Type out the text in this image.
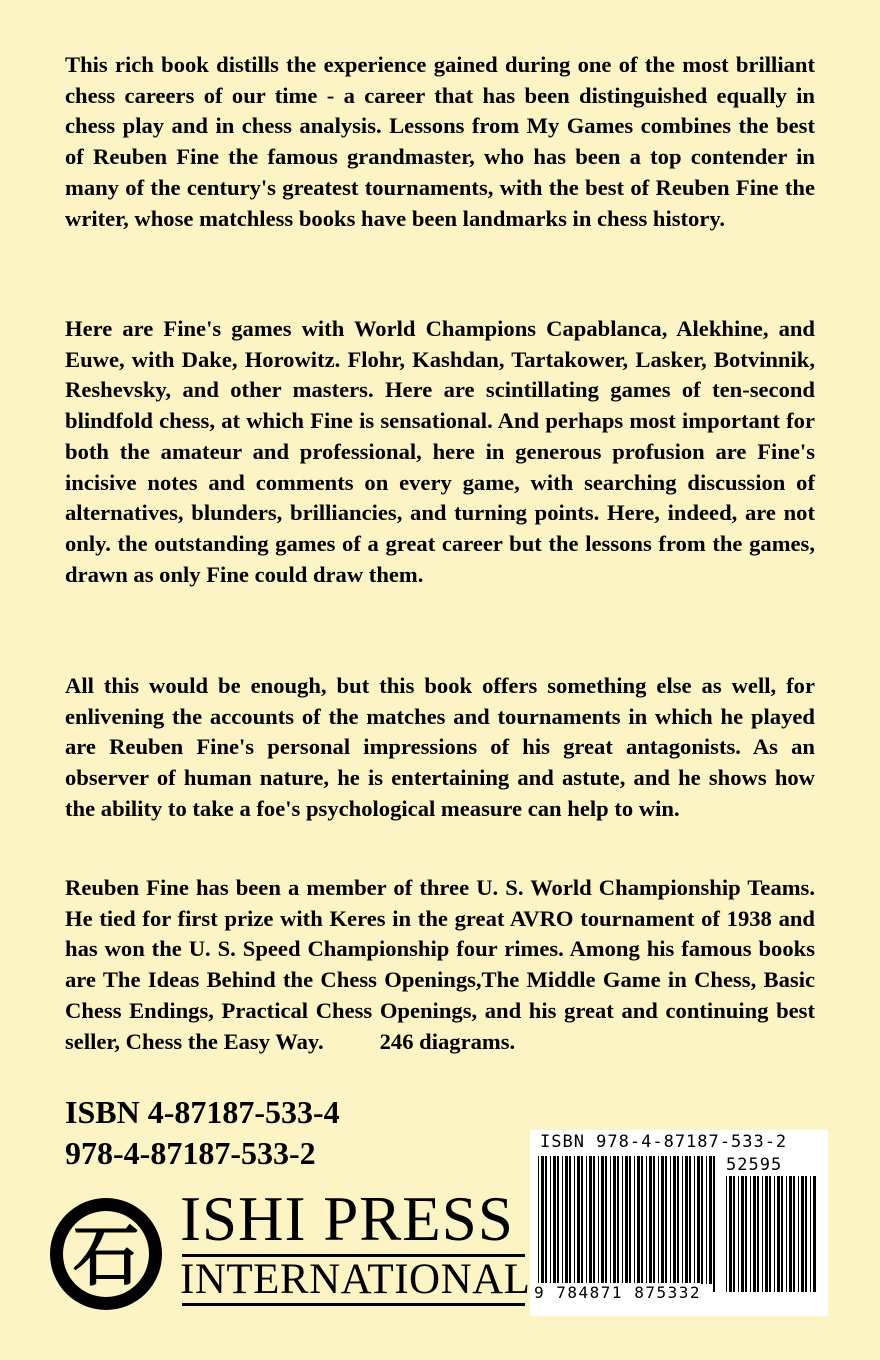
This rich book distills the experience gained during one of the most brilliant chess careers of our time - a career that has been distinguished equally in chess play and in chess analysis. Lessons from My Games combines the best of Reuben Fine the famous grandmaster, who has been a top contender in many of the century's greatest tournaments, with the best of Reuben Fine the writer, whose matchless books have been landmarks in chess history.

Here are Fine's games with World Champions Capablanca, Alekhine, and Euwe, with Dake, Horowitz. Flohr, Kashdan, Tartakower, Lasker, Botvinnik, Reshevsky, and other masters. Here are scintillating games of ten-second blindfold chess, at which Fine is sensational. And perhaps most important for both the amateur and professional, here in generous profusion are Fine's incisive notes and comments on every game, with searching discussion of alternatives, blunders, brilliancies, and turning points. Here, indeed, are not only. the outstanding games of a great career but the lessons from the games, drawn as only Fine could draw them.

All this would be enough, but this book offers something else as well, for enlivening the accounts of the matches and tournaments in which he played are Reuben Fine's personal impressions of his great antagonists. As an observer of human nature, he is entertaining and astute, and he shows how the ability to take a foe's psychological measure can help to win.

Reuben Fine has been a member of three U. S. World Championship Teams. He tied for first prize with Keres in the great AVRO tournament of 1938 and has won the U. S. Speed Championship four rimes. Among his famous books are The Ideas Behind the Chess Openings,The Middle Game in Chess, Basic Chess Endings, Practical Chess Openings, and his great and continuing best seller, Chess the Easy Way. 246 diagrams.

ISBN 4-87187-533-4

978-4-87187-533-2

石 ISHI PRESS

INTERNATIONAL

ISBN 978-4-87187-533-2

52595

9 784871 875332
